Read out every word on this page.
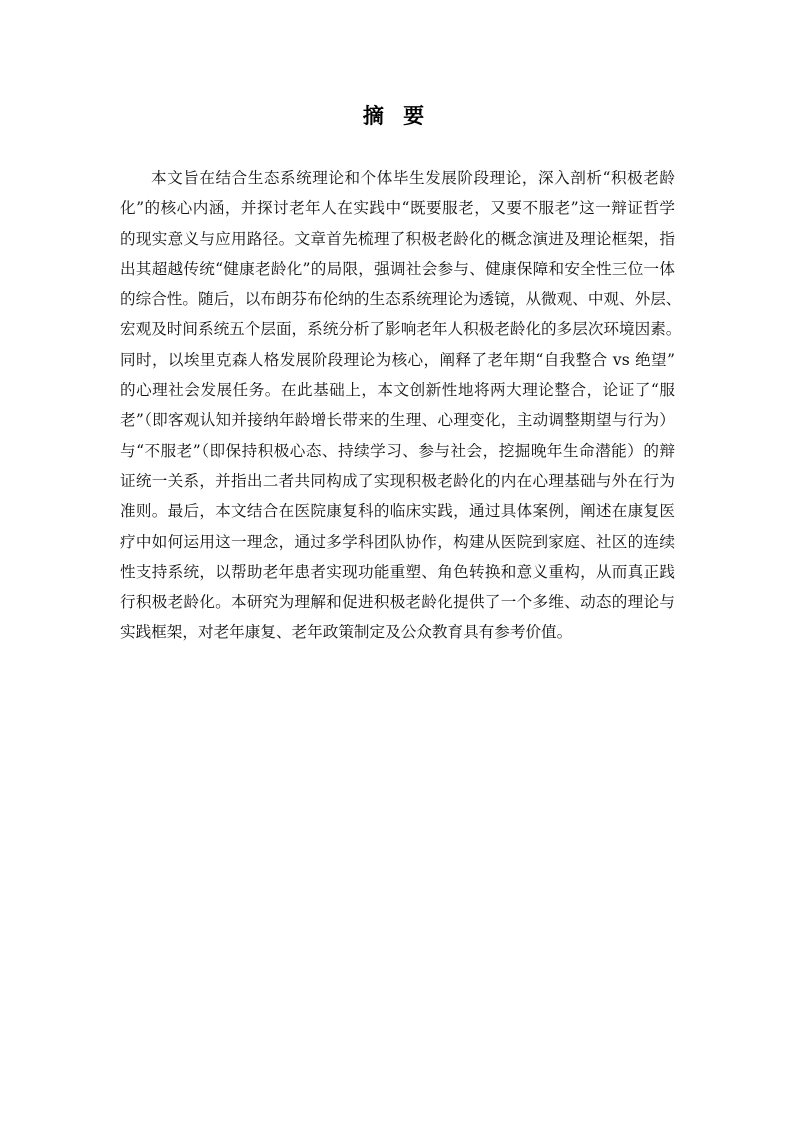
摘 要
本文旨在结合生态系统理论和个体毕生发展阶段理论，深入剖析“积极老龄
化”的核心内涵，并探讨老年人在实践中“既要服老，又要不服老”这一辩证哲学
的现实意义与应用路径。文章首先梳理了积极老龄化的概念演进及理论框架，指
出其超越传统“健康老龄化”的局限，强调社会参与、健康保障和安全性三位一体
的综合性。随后，以布朗芬布伦纳的生态系统理论为透镜，从微观、中观、外层、
宏观及时间系统五个层面，系统分析了影响老年人积极老龄化的多层次环境因素。
同时，以埃里克森人格发展阶段理论为核心，阐释了老年期“自我整合 vs 绝望”
的心理社会发展任务。在此基础上，本文创新性地将两大理论整合，论证了“服
老”（即客观认知并接纳年龄增长带来的生理、心理变化，主动调整期望与行为）
与“不服老”（即保持积极心态、持续学习、参与社会，挖掘晚年生命潜能）的辩
证统一关系，并指出二者共同构成了实现积极老龄化的内在心理基础与外在行为
准则。最后，本文结合在医院康复科的临床实践，通过具体案例，阐述在康复医
疗中如何运用这一理念，通过多学科团队协作，构建从医院到家庭、社区的连续
性支持系统，以帮助老年患者实现功能重塑、角色转换和意义重构，从而真正践
行积极老龄化。本研究为理解和促进积极老龄化提供了一个多维、动态的理论与
实践框架，对老年康复、老年政策制定及公众教育具有参考价值。
